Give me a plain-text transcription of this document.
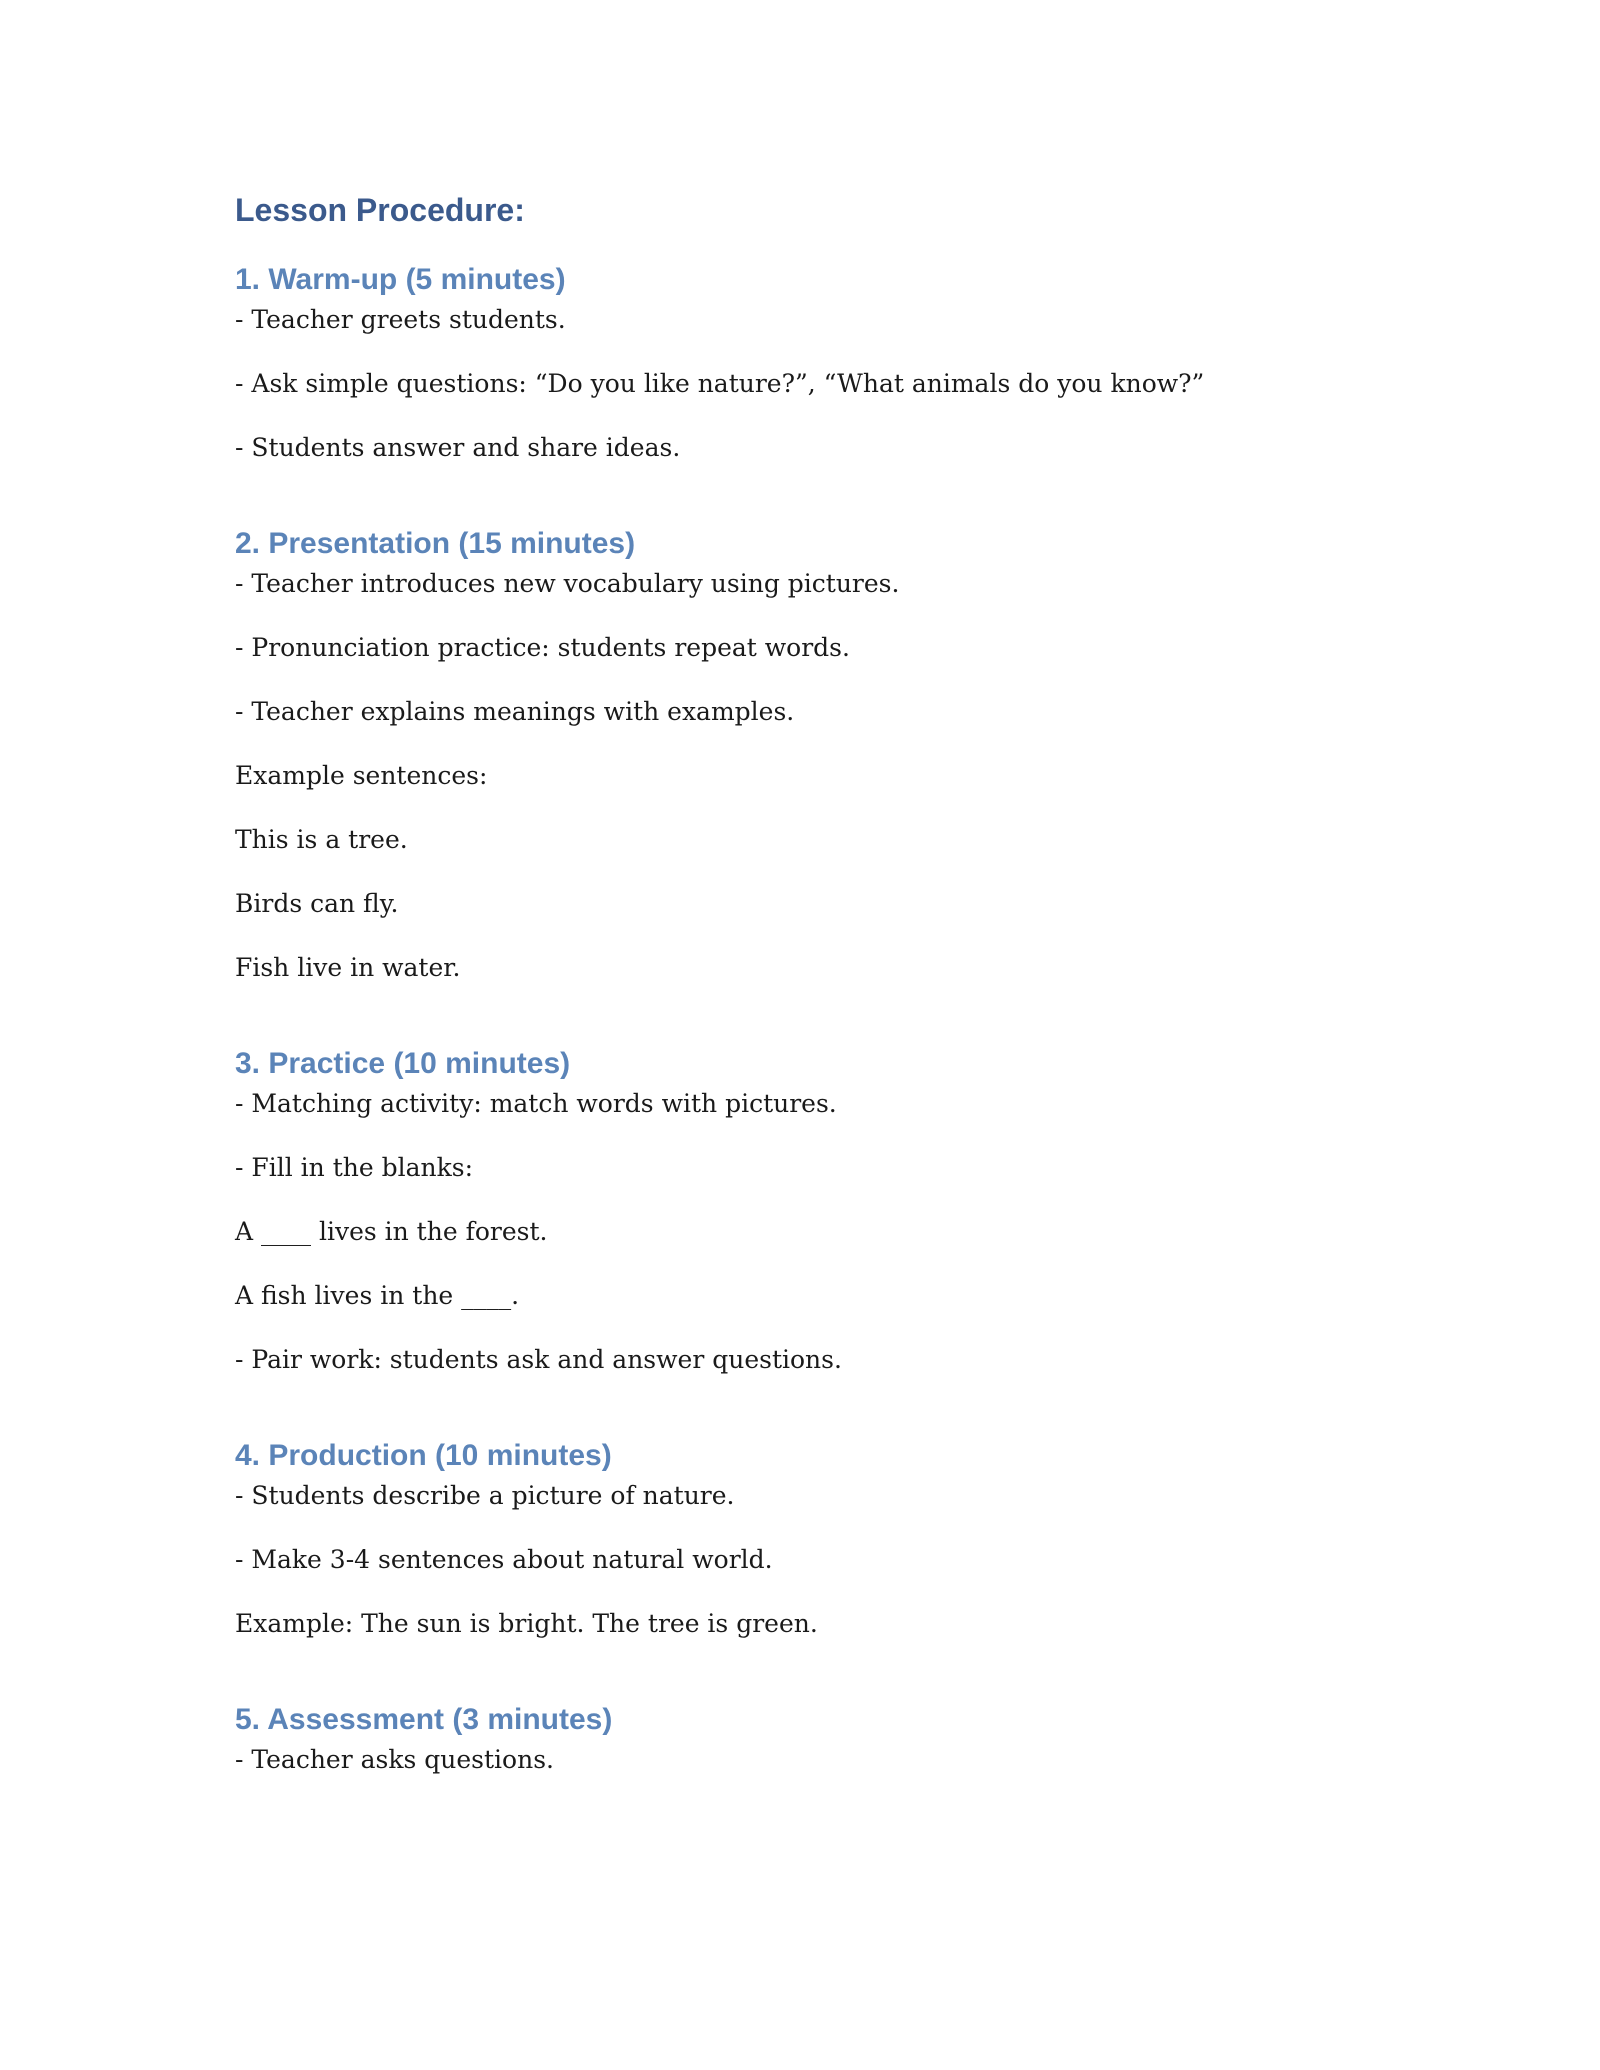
Lesson Procedure:
1. Warm-up (5 minutes)
- Teacher greets students.
- Ask simple questions: “Do you like nature?”, “What animals do you know?”
- Students answer and share ideas.
2. Presentation (15 minutes)
- Teacher introduces new vocabulary using pictures.
- Pronunciation practice: students repeat words.
- Teacher explains meanings with examples.
Example sentences:
This is a tree.
Birds can fly.
Fish live in water.
3. Practice (10 minutes)
- Matching activity: match words with pictures.
- Fill in the blanks:
A ____ lives in the forest.
A fish lives in the ____.
- Pair work: students ask and answer questions.
4. Production (10 minutes)
- Students describe a picture of nature.
- Make 3-4 sentences about natural world.
Example: The sun is bright. The tree is green.
5. Assessment (3 minutes)
- Teacher asks questions.
